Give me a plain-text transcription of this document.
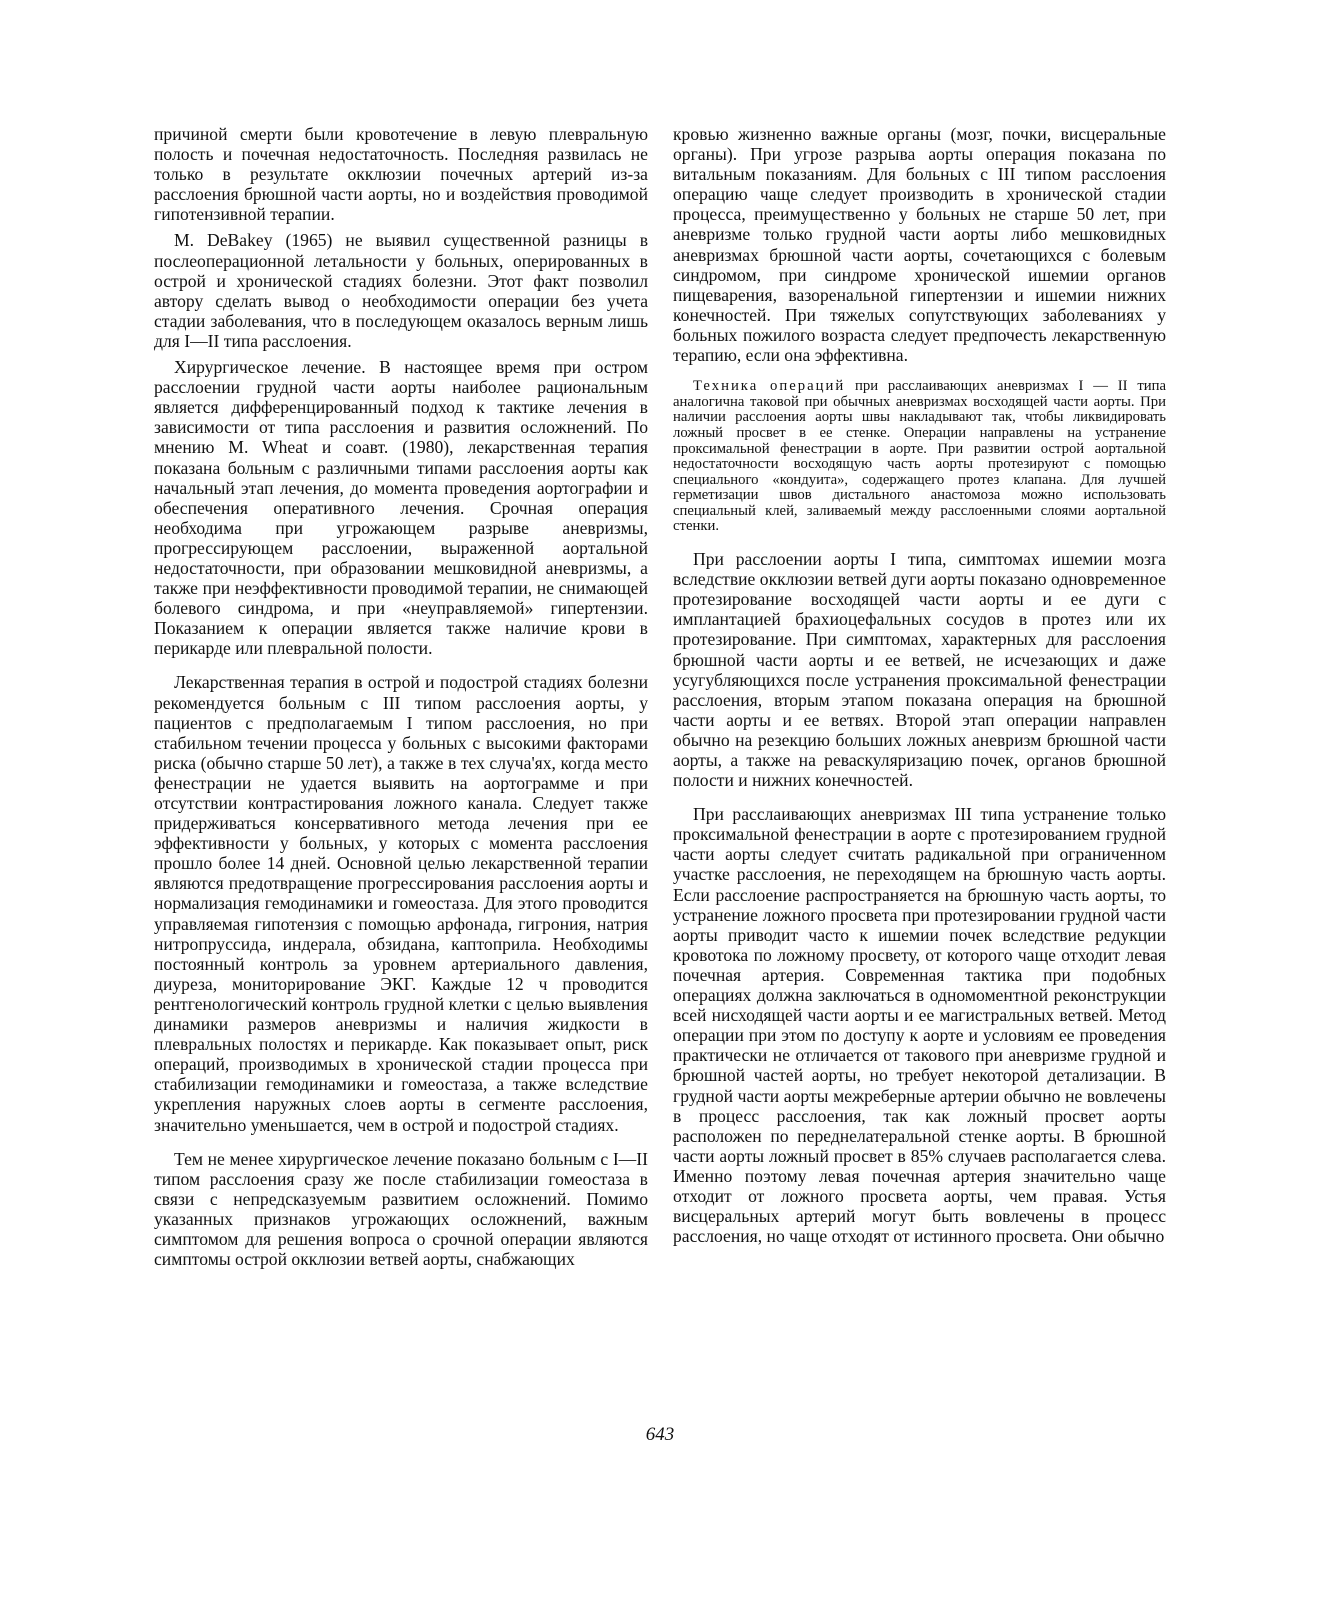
причиной смерти были кровотечение в левую плевральную полость и почечная недостаточность. Последняя развилась не только в результате окклюзии почечных артерий из-за расслоения брюшной части аорты, но и воздействия проводимой гипотензивной терапии.

M. DeBakey (1965) не выявил существенной разницы в послеоперационной летальности у больных, оперированных в острой и хронической стадиях болезни. Этот факт позволил автору сделать вывод о необходимости операции без учета стадии заболевания, что в последующем оказалось верным лишь для I—II типа расслоения.

Хирургическое лечение. В настоящее время при остром расслоении грудной части аорты наиболее рациональным является дифференцированный подход к тактике лечения в зависимости от типа расслоения и развития осложнений. По мнению M. Wheat и соавт. (1980), лекарственная терапия показана больным с различными типами расслоения аорты как начальный этап лечения, до момента проведения аортографии и обеспечения оперативного лечения. Срочная операция необходима при угрожающем разрыве аневризмы, прогрессирующем расслоении, выраженной аортальной недостаточности, при образовании мешковидной аневризмы, а также при неэффективности проводимой терапии, не снимающей болевого синдрома, и при «неуправляемой» гипертензии. Показанием к операции является также наличие крови в перикарде или плевральной полости.

Лекарственная терапия в острой и подострой стадиях болезни рекомендуется больным с III типом расслоения аорты, у пациентов с предполагаемым I типом расслоения, но при стабильном течении процесса у больных с высокими факторами риска (обычно старше 50 лет), а также в тех случа'ях, когда место фенестрации не удается выявить на аортограмме и при отсутствии контрастирования ложного канала. Следует также придерживаться консервативного метода лечения при ее эффективности у больных, у которых с момента расслоения прошло более 14 дней. Основной целью лекарственной терапии являются предотвращение прогрессирования расслоения аорты и нормализация гемодинамики и гомеостаза. Для этого проводится управляемая гипотензия с помощью арфонада, гигрония, натрия нитропруссида, индерала, обзидана, каптоприла. Необходимы постоянный контроль за уровнем артериального давления, диуреза, мониторирование ЭКГ. Каждые 12 ч проводится рентгенологический контроль грудной клетки с целью выявления динамики размеров аневризмы и наличия жидкости в плевральных полостях и перикарде. Как показывает опыт, риск операций, производимых в хронической стадии процесса при стабилизации гемодинамики и гомеостаза, а также вследствие укрепления наружных слоев аорты в сегменте расслоения, значительно уменьшается, чем в острой и подострой стадиях.

Тем не менее хирургическое лечение показано больным с I—II типом расслоения сразу же после стабилизации гомеостаза в связи с непредсказуемым развитием осложнений. Помимо указанных признаков угрожающих осложнений, важным симптомом для решения вопроса о срочной операции являются симптомы острой окклюзии ветвей аорты, снабжающих

кровью жизненно важные органы (мозг, почки, висцеральные органы). При угрозе разрыва аорты операция показана по витальным показаниям. Для больных с III типом расслоения операцию чаще следует производить в хронической стадии процесса, преимущественно у больных не старше 50 лет, при аневризме только грудной части аорты либо мешковидных аневризмах брюшной части аорты, сочетающихся с болевым синдромом, при синдроме хронической ишемии органов пищеварения, вазоренальной гипертензии и ишемии нижних конечностей. При тяжелых сопутствующих заболеваниях у больных пожилого возраста следует предпочесть лекарственную терапию, если она эффективна.

Техника операций при расслаивающих аневризмах I — II типа аналогична таковой при обычных аневризмах восходящей части аорты. При наличии расслоения аорты швы накладывают так, чтобы ликвидировать ложный просвет в ее стенке. Операции направлены на устранение проксимальной фенестрации в аорте. При развитии острой аортальной недостаточности восходящую часть аорты протезируют с помощью специального «кондуита», содержащего протез клапана. Для лучшей герметизации швов дистального анастомоза можно использовать специальный клей, заливаемый между расслоенными слоями аортальной стенки.

При расслоении аорты I типа, симптомах ишемии мозга вследствие окклюзии ветвей дуги аорты показано одновременное протезирование восходящей части аорты и ее дуги с имплантацией брахиоцефальных сосудов в протез или их протезирование. При симптомах, характерных для расслоения брюшной части аорты и ее ветвей, не исчезающих и даже усугубляющихся после устранения проксимальной фенестрации расслоения, вторым этапом показана операция на брюшной части аорты и ее ветвях. Второй этап операции направлен обычно на резекцию больших ложных аневризм брюшной части аорты, а также на реваскуляризацию почек, органов брюшной полости и нижних конечностей.

При расслаивающих аневризмах III типа устранение только проксимальной фенестрации в аорте с протезированием грудной части аорты следует считать радикальной при ограниченном участке расслоения, не переходящем на брюшную часть аорты. Если расслоение распространяется на брюшную часть аорты, то устранение ложного просвета при протезировании грудной части аорты приводит часто к ишемии почек вследствие редукции кровотока по ложному просвету, от которого чаще отходит левая почечная артерия. Современная тактика при подобных операциях должна заключаться в одномоментной реконструкции всей нисходящей части аорты и ее магистральных ветвей. Метод операции при этом по доступу к аорте и условиям ее проведения практически не отличается от такового при аневризме грудной и брюшной частей аорты, но требует некоторой детализации. В грудной части аорты межреберные артерии обычно не вовлечены в процесс расслоения, так как ложный просвет аорты расположен по переднелатеральной стенке аорты. В брюшной части аорты ложный просвет в 85% случаев располагается слева. Именно поэтому левая почечная артерия значительно чаще отходит от ложного просвета аорты, чем правая. Устья висцеральных артерий могут быть вовлечены в процесс расслоения, но чаще отходят от истинного просвета. Они обычно

643
